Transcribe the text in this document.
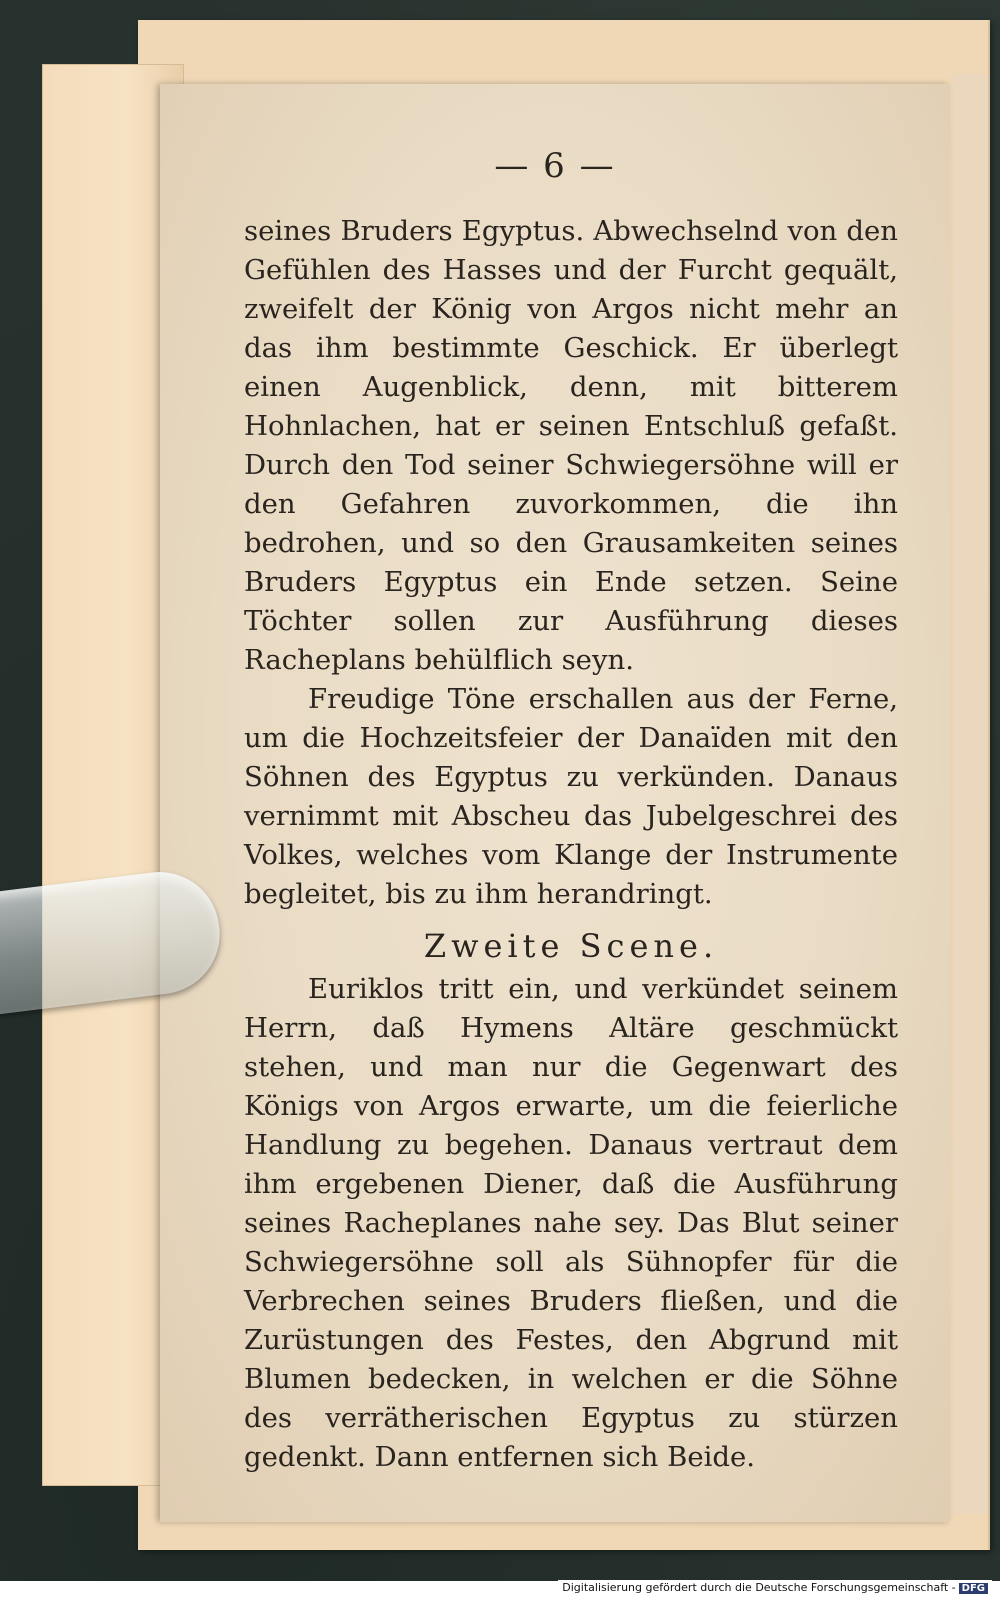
— 6 —

seines Bruders Egyptus. Abwechselnd von den Gefühlen des Hasses und der Furcht gequält, zweifelt der König von Argos nicht mehr an das ihm bestimmte Geschick. Er überlegt einen Augenblick, denn, mit bitterem Hohnlachen, hat er seinen Entschluß gefaßt. Durch den Tod seiner Schwiegersöhne will er den Gefahren zuvorkommen, die ihn bedrohen, und so den Grausamkeiten seines Bruders Egyptus ein Ende setzen. Seine Töchter sollen zur Ausführung dieses Racheplans behülflich seyn.

Freudige Töne erschallen aus der Ferne, um die Hochzeitsfeier der Danaïden mit den Söhnen des Egyptus zu verkünden. Danaus vernimmt mit Abscheu das Jubelgeschrei des Volkes, welches vom Klange der Instrumente begleitet, bis zu ihm herandringt.

Zweite Scene.

Euriklos tritt ein, und verkündet seinem Herrn, daß Hymens Altäre geschmückt stehen, und man nur die Gegenwart des Königs von Argos erwarte, um die feierliche Handlung zu begehen. Danaus vertraut dem ihm ergebenen Diener, daß die Ausführung seines Racheplanes nahe sey. Das Blut seiner Schwiegersöhne soll als Sühnopfer für die Verbrechen seines Bruders fließen, und die Zurüstungen des Festes, den Abgrund mit Blumen bedecken, in welchen er die Söhne des verrätherischen Egyptus zu stürzen gedenkt. Dann entfernen sich Beide.

Digitalisierung gefördert durch die Deutsche Forschungsgemeinschaft - DFG
